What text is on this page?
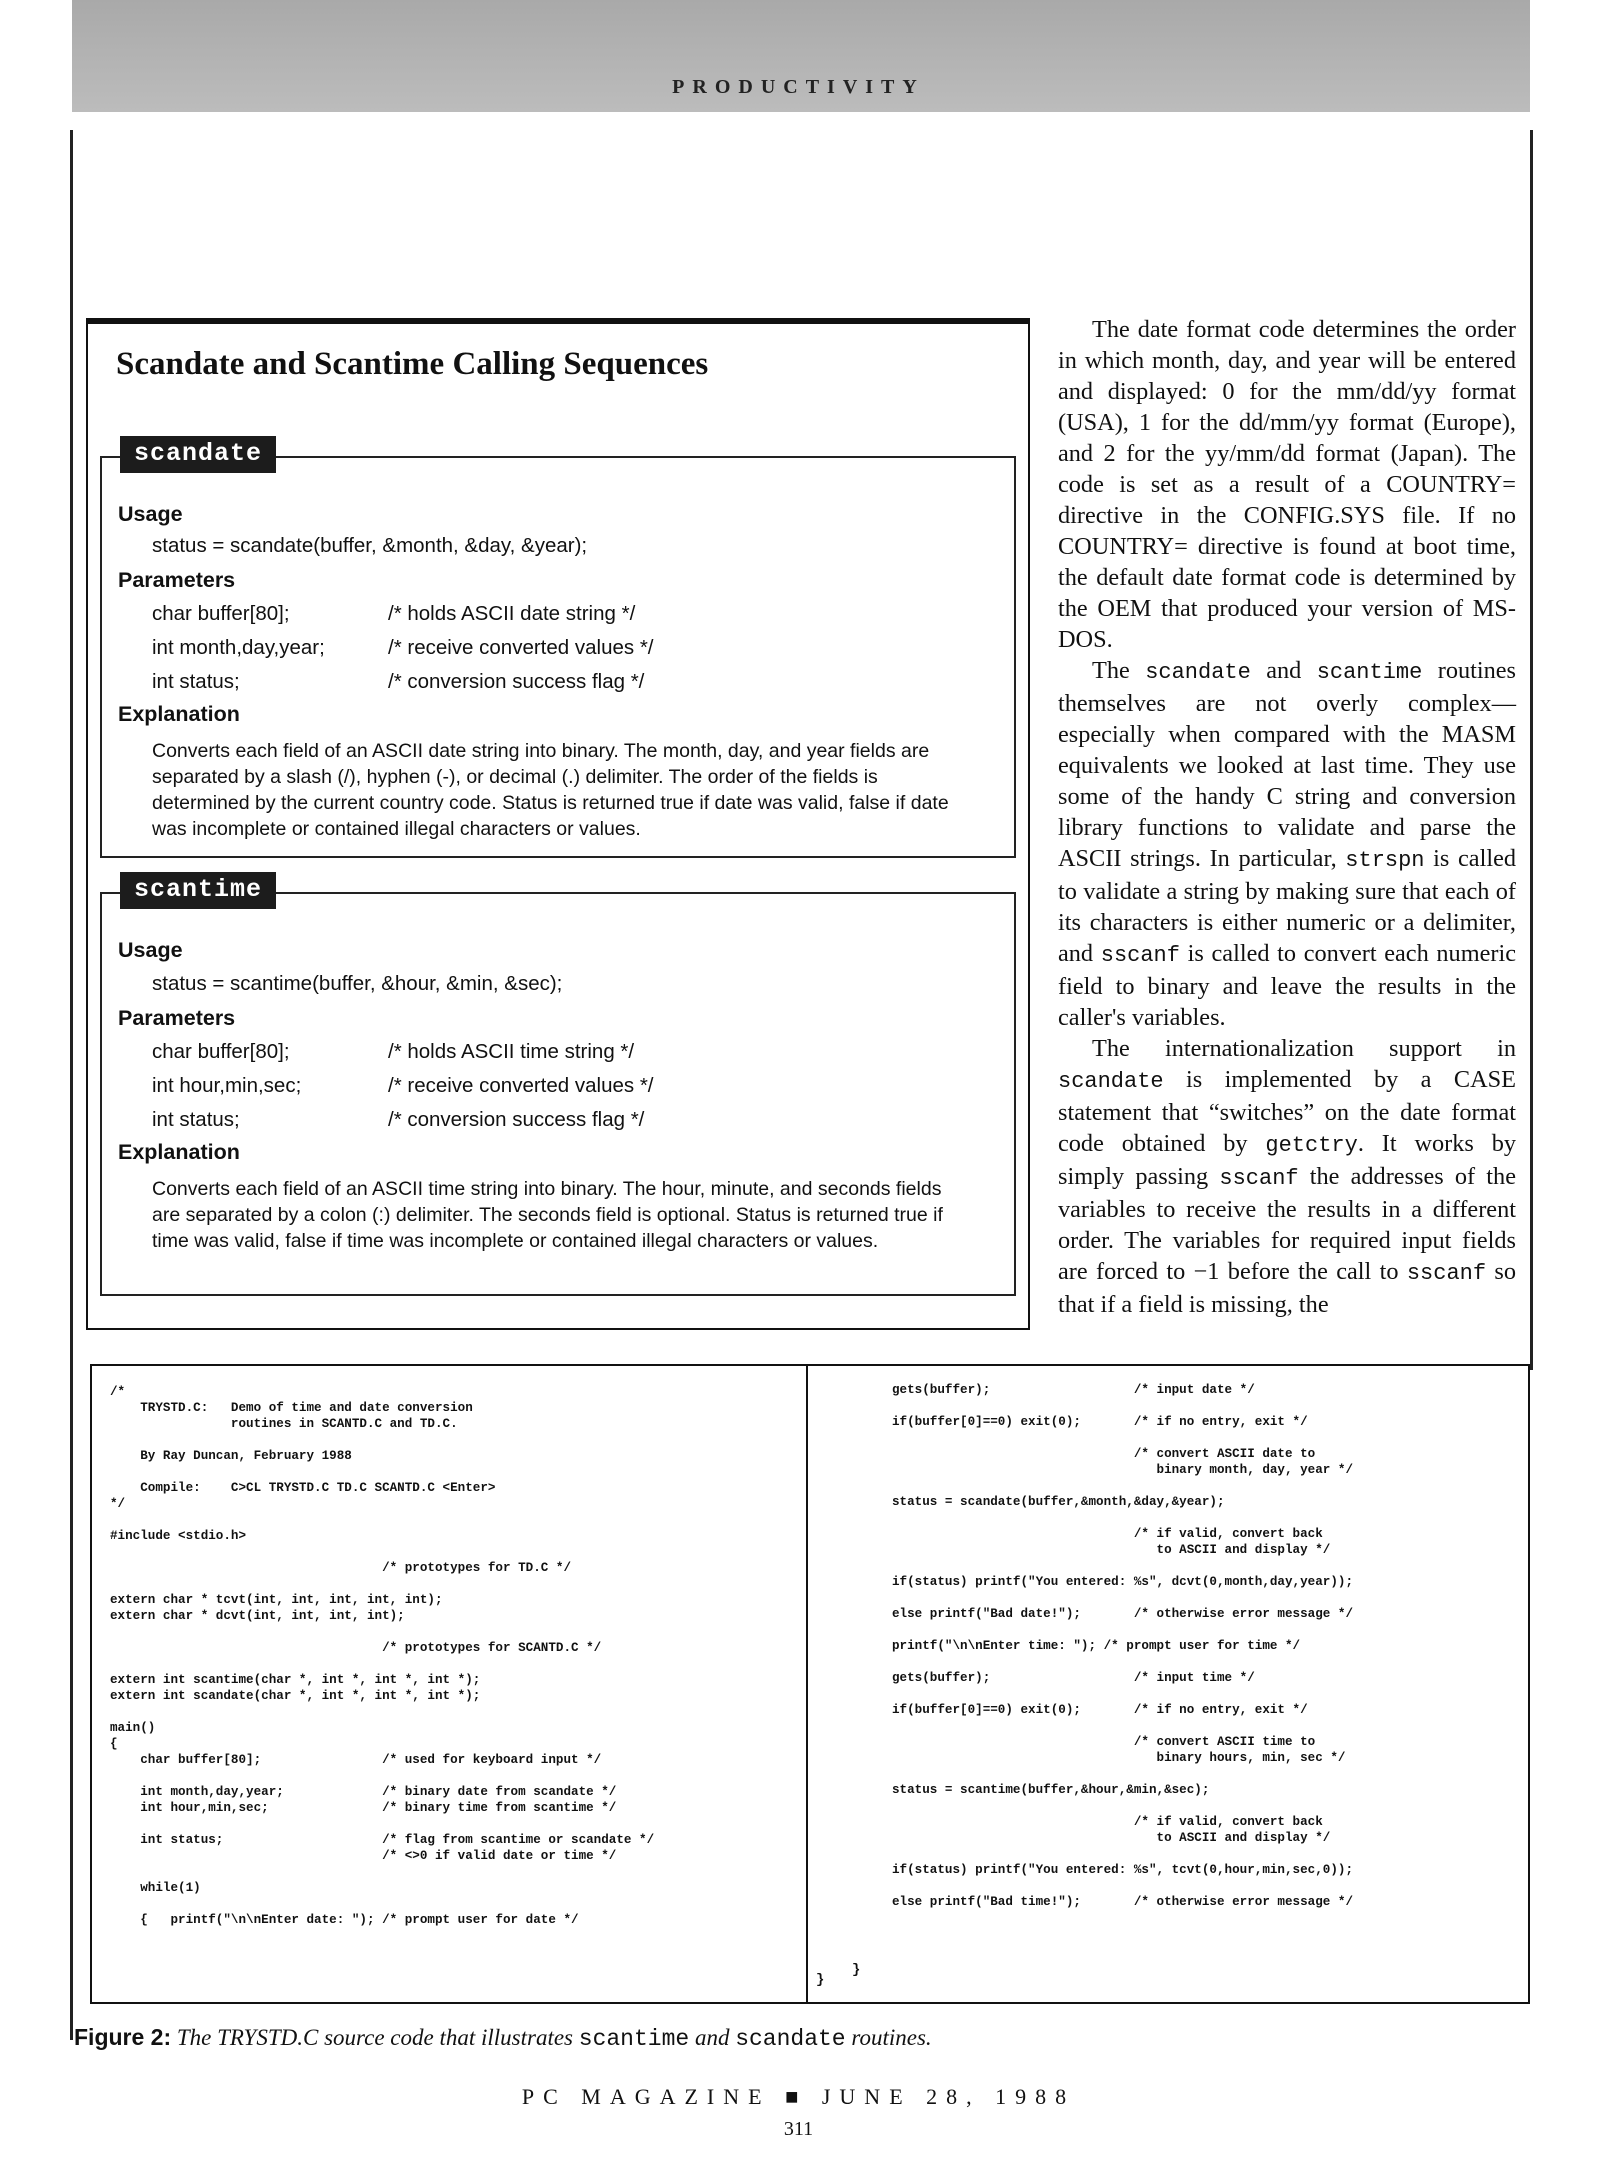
PRODUCTIVITY
Scandate and Scantime Calling Sequences
scandate
Usage
status = scandate(buffer, &month, &day, &year);
Parameters
char buffer[80];	/* holds ASCII date string */
int month,day,year;	/* receive converted values */
int status;	/* conversion success flag */
Explanation
Converts each field of an ASCII date string into binary. The month, day, and year fields are separated by a slash (/), hyphen (-), or decimal (.) delimiter. The order of the fields is determined by the current country code. Status is returned true if date was valid, false if date was incomplete or contained illegal characters or values.
scantime
Usage
status = scantime(buffer, &hour, &min, &sec);
Parameters
char buffer[80];	/* holds ASCII time string */
int hour,min,sec;	/* receive converted values */
int status;	/* conversion success flag */
Explanation
Converts each field of an ASCII time string into binary. The hour, minute, and seconds fields are separated by a colon (:) delimiter. The seconds field is optional. Status is returned true if time was valid, false if time was incomplete or contained illegal characters or values.

The date format code determines the order in which month, day, and year will be entered and displayed: 0 for the mm/dd/yy format (USA), 1 for the dd/mm/yy format (Europe), and 2 for the yy/mm/dd format (Japan). The code is set as a result of a COUNTRY= directive in the CONFIG.SYS file. If no COUNTRY= directive is found at boot time, the default date format code is determined by the OEM that produced your version of MS-DOS.

The scandate and scantime routines themselves are not overly complex—especially when compared with the MASM equivalents we looked at last time. They use some of the handy C string and conversion library functions to validate and parse the ASCII strings. In particular, strspn is called to validate a string by making sure that each of its characters is either numeric or a delimiter, and sscanf is called to convert each numeric field to binary and leave the results in the caller's variables.

The internationalization support in scandate is implemented by a CASE statement that “switches” on the date format code obtained by getctry. It works by simply passing sscanf the addresses of the variables to receive the results in a different order. The variables for required input fields are forced to −1 before the call to sscanf so that if a field is missing, the

/*
TRYSTD.C:   Demo of time and date conversion
routines in SCANTD.C and TD.C.

By Ray Duncan, February 1988

Compile:    C>CL TRYSTD.C TD.C SCANTD.C <Enter>
*/

#include <stdio.h>

/* prototypes for TD.C */

extern char * tcvt(int, int, int, int, int);
extern char * dcvt(int, int, int, int);

/* prototypes for SCANTD.C */

extern int scantime(char *, int *, int *, int *);
extern int scandate(char *, int *, int *, int *);

main()
{
char buffer[80];                /* used for keyboard input */

int month,day,year;             /* binary date from scandate */
int hour,min,sec;               /* binary time from scantime */

int status;                     /* flag from scantime or scandate */
/* <>0 if valid date or time */

while(1)

{   printf("\n\nEnter date: "); /* prompt user for date */
gets(buffer);                   /* input date */

if(buffer[0]==0) exit(0);       /* if no entry, exit */

/* convert ASCII date to
binary month, day, year */

status = scandate(buffer,&month,&day,&year);

/* if valid, convert back
to ASCII and display */

if(status) printf("You entered: %s", dcvt(0,month,day,year));

else printf("Bad date!");       /* otherwise error message */

printf("\n\nEnter time: "); /* prompt user for time */

gets(buffer);                   /* input time */

if(buffer[0]==0) exit(0);       /* if no entry, exit */

/* convert ASCII time to
binary hours, min, sec */

status = scantime(buffer,&hour,&min,&sec);

/* if valid, convert back
to ASCII and display */

if(status) printf("You entered: %s", tcvt(0,hour,min,sec,0));

else printf("Bad time!");       /* otherwise error message */
}
}
Figure 2: The TRYSTD.C source code that illustrates scantime and scandate routines.
PC MAGAZINE ■ JUNE 28, 1988
311
